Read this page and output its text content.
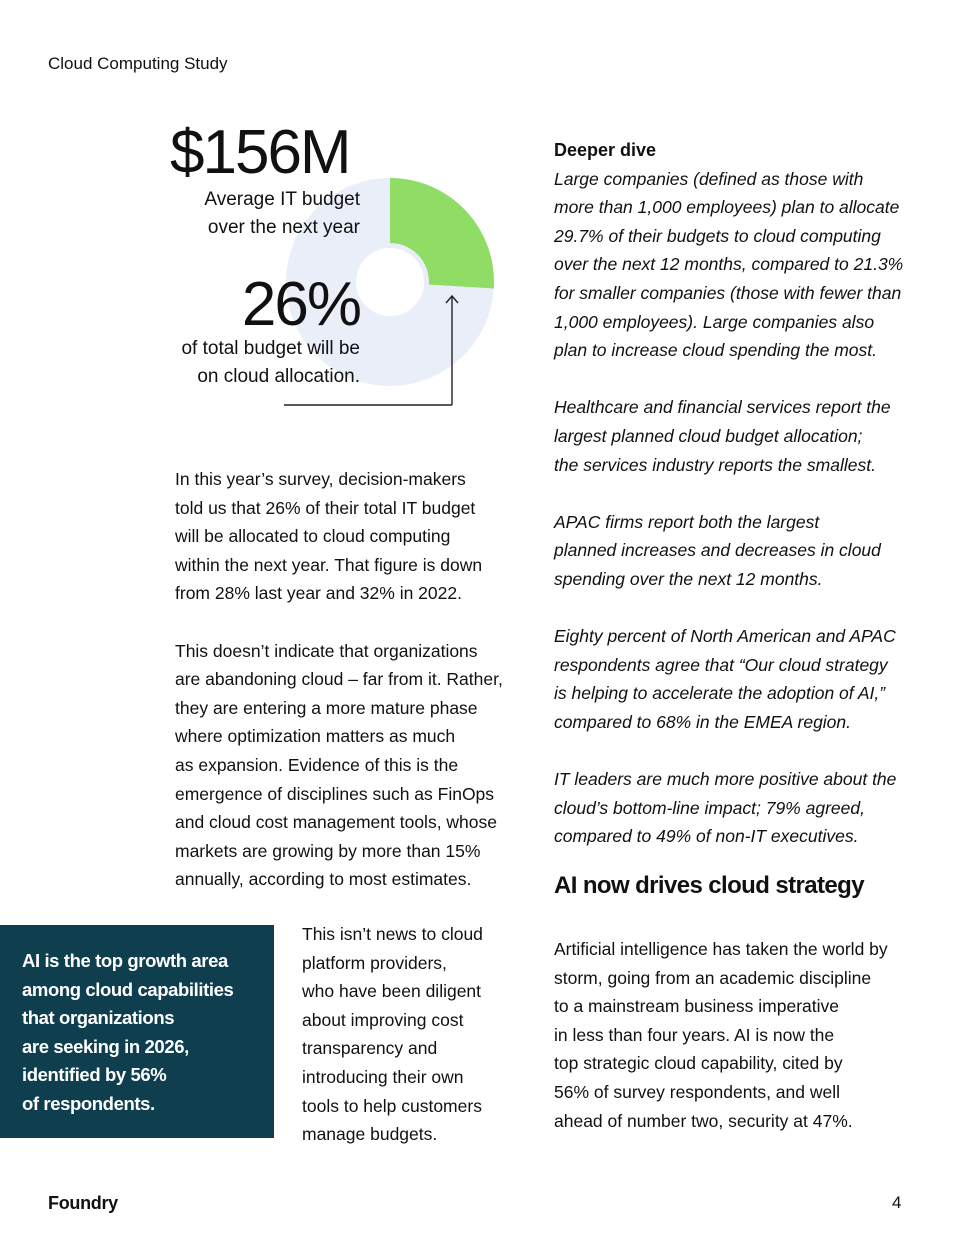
Cloud Computing Study
$156M
Average IT budget
over the next year
26%
of total budget will be
on cloud allocation.

In this year’s survey, decision-makers
told us that 26% of their total IT budget
will be allocated to cloud computing
within the next year. That figure is down
from 28% last year and 32% in 2022.

This doesn’t indicate that organizations
are abandoning cloud – far from it. Rather,
they are entering a more mature phase
where optimization matters as much
as expansion. Evidence of this is the
emergence of disciplines such as FinOps
and cloud cost management tools, whose
markets are growing by more than 15%
annually, according to most estimates.

AI is the top growth area
among cloud capabilities
that organizations
are seeking in 2026,
identified by 56%
of respondents.
This isn’t news to cloud
platform providers,
who have been diligent
about improving cost
transparency and
introducing their own
tools to help customers
manage budgets.
Deeper dive

Large companies (defined as those with
more than 1,000 employees) plan to allocate
29.7% of their budgets to cloud computing
over the next 12 months, compared to 21.3%
for smaller companies (those with fewer than
1,000 employees). Large companies also
plan to increase cloud spending the most.

Healthcare and financial services report the
largest planned cloud budget allocation;
the services industry reports the smallest.

APAC firms report both the largest
planned increases and decreases in cloud
spending over the next 12 months.

Eighty percent of North American and APAC
respondents agree that “Our cloud strategy
is helping to accelerate the adoption of AI,”
compared to 68% in the EMEA region.

IT leaders are much more positive about the
cloud’s bottom-line impact; 79% agreed,
compared to 49% of non-IT executives.

AI now drives cloud strategy
Artificial intelligence has taken the world by
storm, going from an academic discipline
to a mainstream business imperative
in less than four years. AI is now the
top strategic cloud capability, cited by
56% of survey respondents, and well
ahead of number two, security at 47%.
Foundry	4
